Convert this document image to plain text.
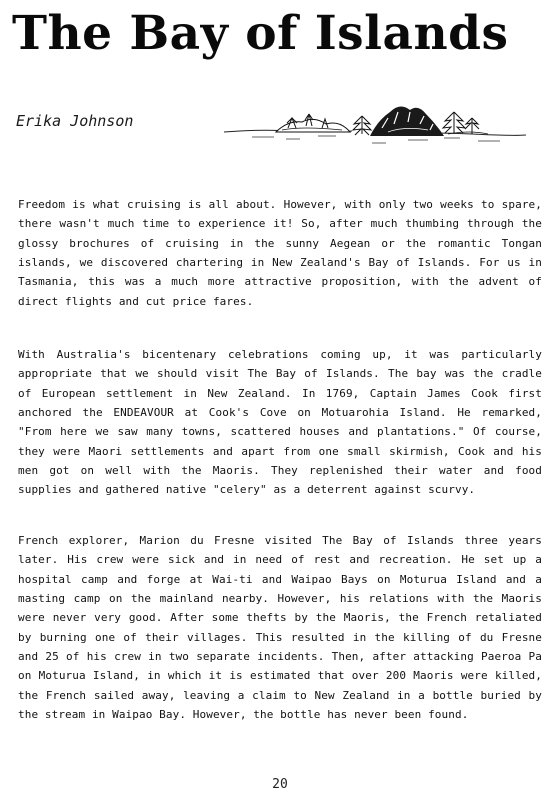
The Bay of Islands
Erika Johnson

Freedom is what cruising is all about. However, with only two weeks to spare, there wasn't much time to experience it! So, after much thumbing through the glossy brochures of cruising in the sunny Aegean or the romantic Tongan islands, we discovered chartering in New Zealand's Bay of Islands. For us in Tasmania, this was a much more attractive proposition, with the advent of direct flights and cut price fares.

With Australia's bicentenary celebrations coming up, it was particularly appropriate that we should visit The Bay of Islands. The bay was the cradle of European settlement in New Zealand. In 1769, Captain James Cook first anchored the ENDEAVOUR at Cook's Cove on Motuarohia Island. He remarked, "From here we saw many towns, scattered houses and plantations." Of course, they were Maori settlements and apart from one small skirmish, Cook and his men got on well with the Maoris. They replenished their water and food supplies and gathered native "celery" as a deterrent against scurvy.

French explorer, Marion du Fresne visited The Bay of Islands three years later. His crew were sick and in need of rest and recreation. He set up a hospital camp and forge at Wai-ti and Waipao Bays on Moturua Island and a masting camp on the mainland nearby. However, his relations with the Maoris were never very good. After some thefts by the Maoris, the French retaliated by burning one of their villages. This resulted in the killing of du Fresne and 25 of his crew in two separate incidents. Then, after attacking Paeroa Pa on Moturua Island, in which it is estimated that over 200 Maoris were killed, the French sailed away, leaving a claim to New Zealand in a bottle buried by the stream in Waipao Bay. However, the bottle has never been found.

20
